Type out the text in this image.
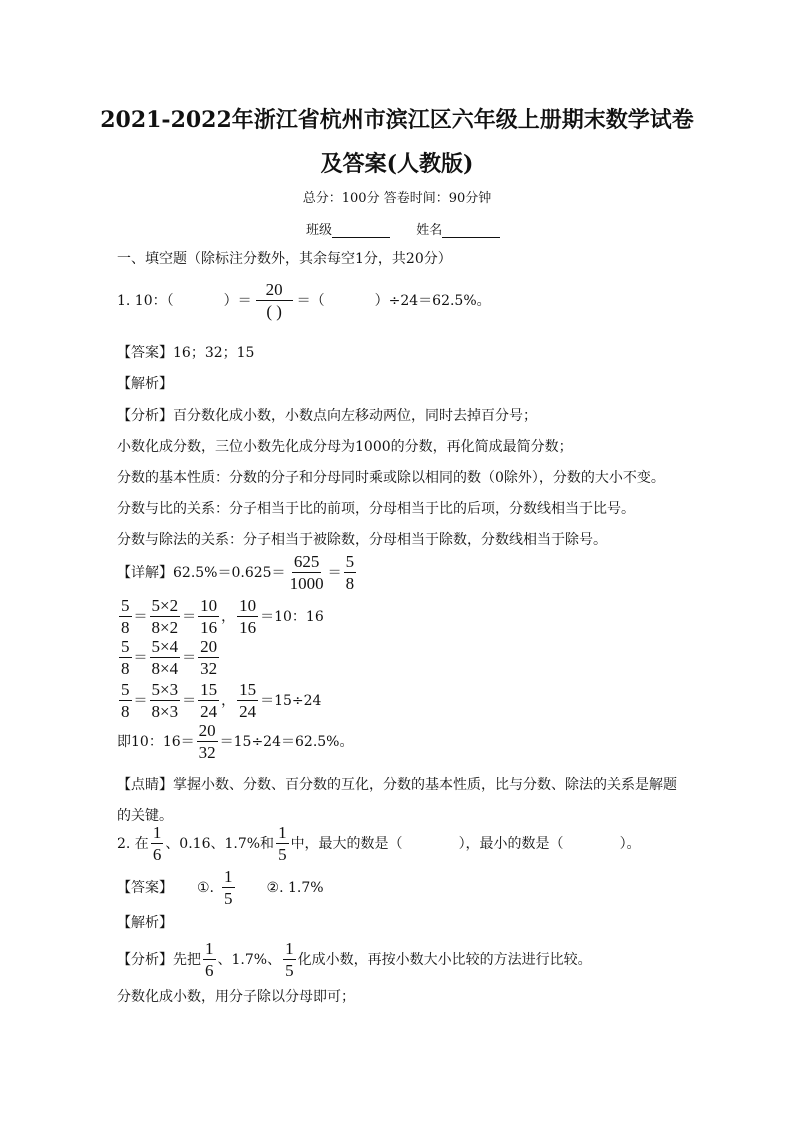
2021-2022年浙江省杭州市滨江区六年级上册期末数学试卷
及答案(人教版)
总分：100分 答卷时间：90分钟
班级	姓名
一、填空题（除标注分数外，其余每空1分，共20分）
1. 10：（	）＝ $\frac{20}{( )}$ ＝（	）÷24＝62.5%。
【答案】16；32；15
【解析】
【分析】百分数化成小数，小数点向左移动两位，同时去掉百分号；
小数化成分数，三位小数先化成分母为1000的分数，再化简成最简分数；
分数的基本性质：分数的分子和分母同时乘或除以相同的数（0除外），分数的大小不变。
分数与比的关系：分子相当于比的前项，分母相当于比的后项，分数线相当于比号。
分数与除法的关系：分子相当于被除数，分母相当于除数，分数线相当于除号。
【详解】$62.5\%=0.625= \frac{625}{1000} = \frac{5}{8}$
$\frac{5}{8} = \frac{5\times 2}{8\times 2} = \frac{10}{16}$ ， $\frac{10}{16} =10$：16
$\frac{5}{8} = \frac{5\times 4}{8\times 4} = \frac{20}{32}$
$\frac{5}{8} = \frac{5\times 3}{8\times 3} = \frac{15}{24}$ ， $\frac{15}{24} =15\div 24$
即10：$16= \frac{20}{32} =15\div 24=62.5\%$。
【点睛】掌握小数、分数、百分数的互化，分数的基本性质，比与分数、除法的关系是解题
的关键。
2. 在 $\frac{1}{6}$ 、0.16、1.7%和 $\frac{1}{5}$ 中，最大的数是（	），最小的数是（	）。
【答案】 ①. $\frac{1}{5}$ ②. 1.7%
【解析】
【分析】先把 $\frac{1}{6}$ 、1.7%、 $\frac{1}{5}$ 化成小数，再按小数大小比较的方法进行比较。
分数化成小数，用分子除以分母即可；
